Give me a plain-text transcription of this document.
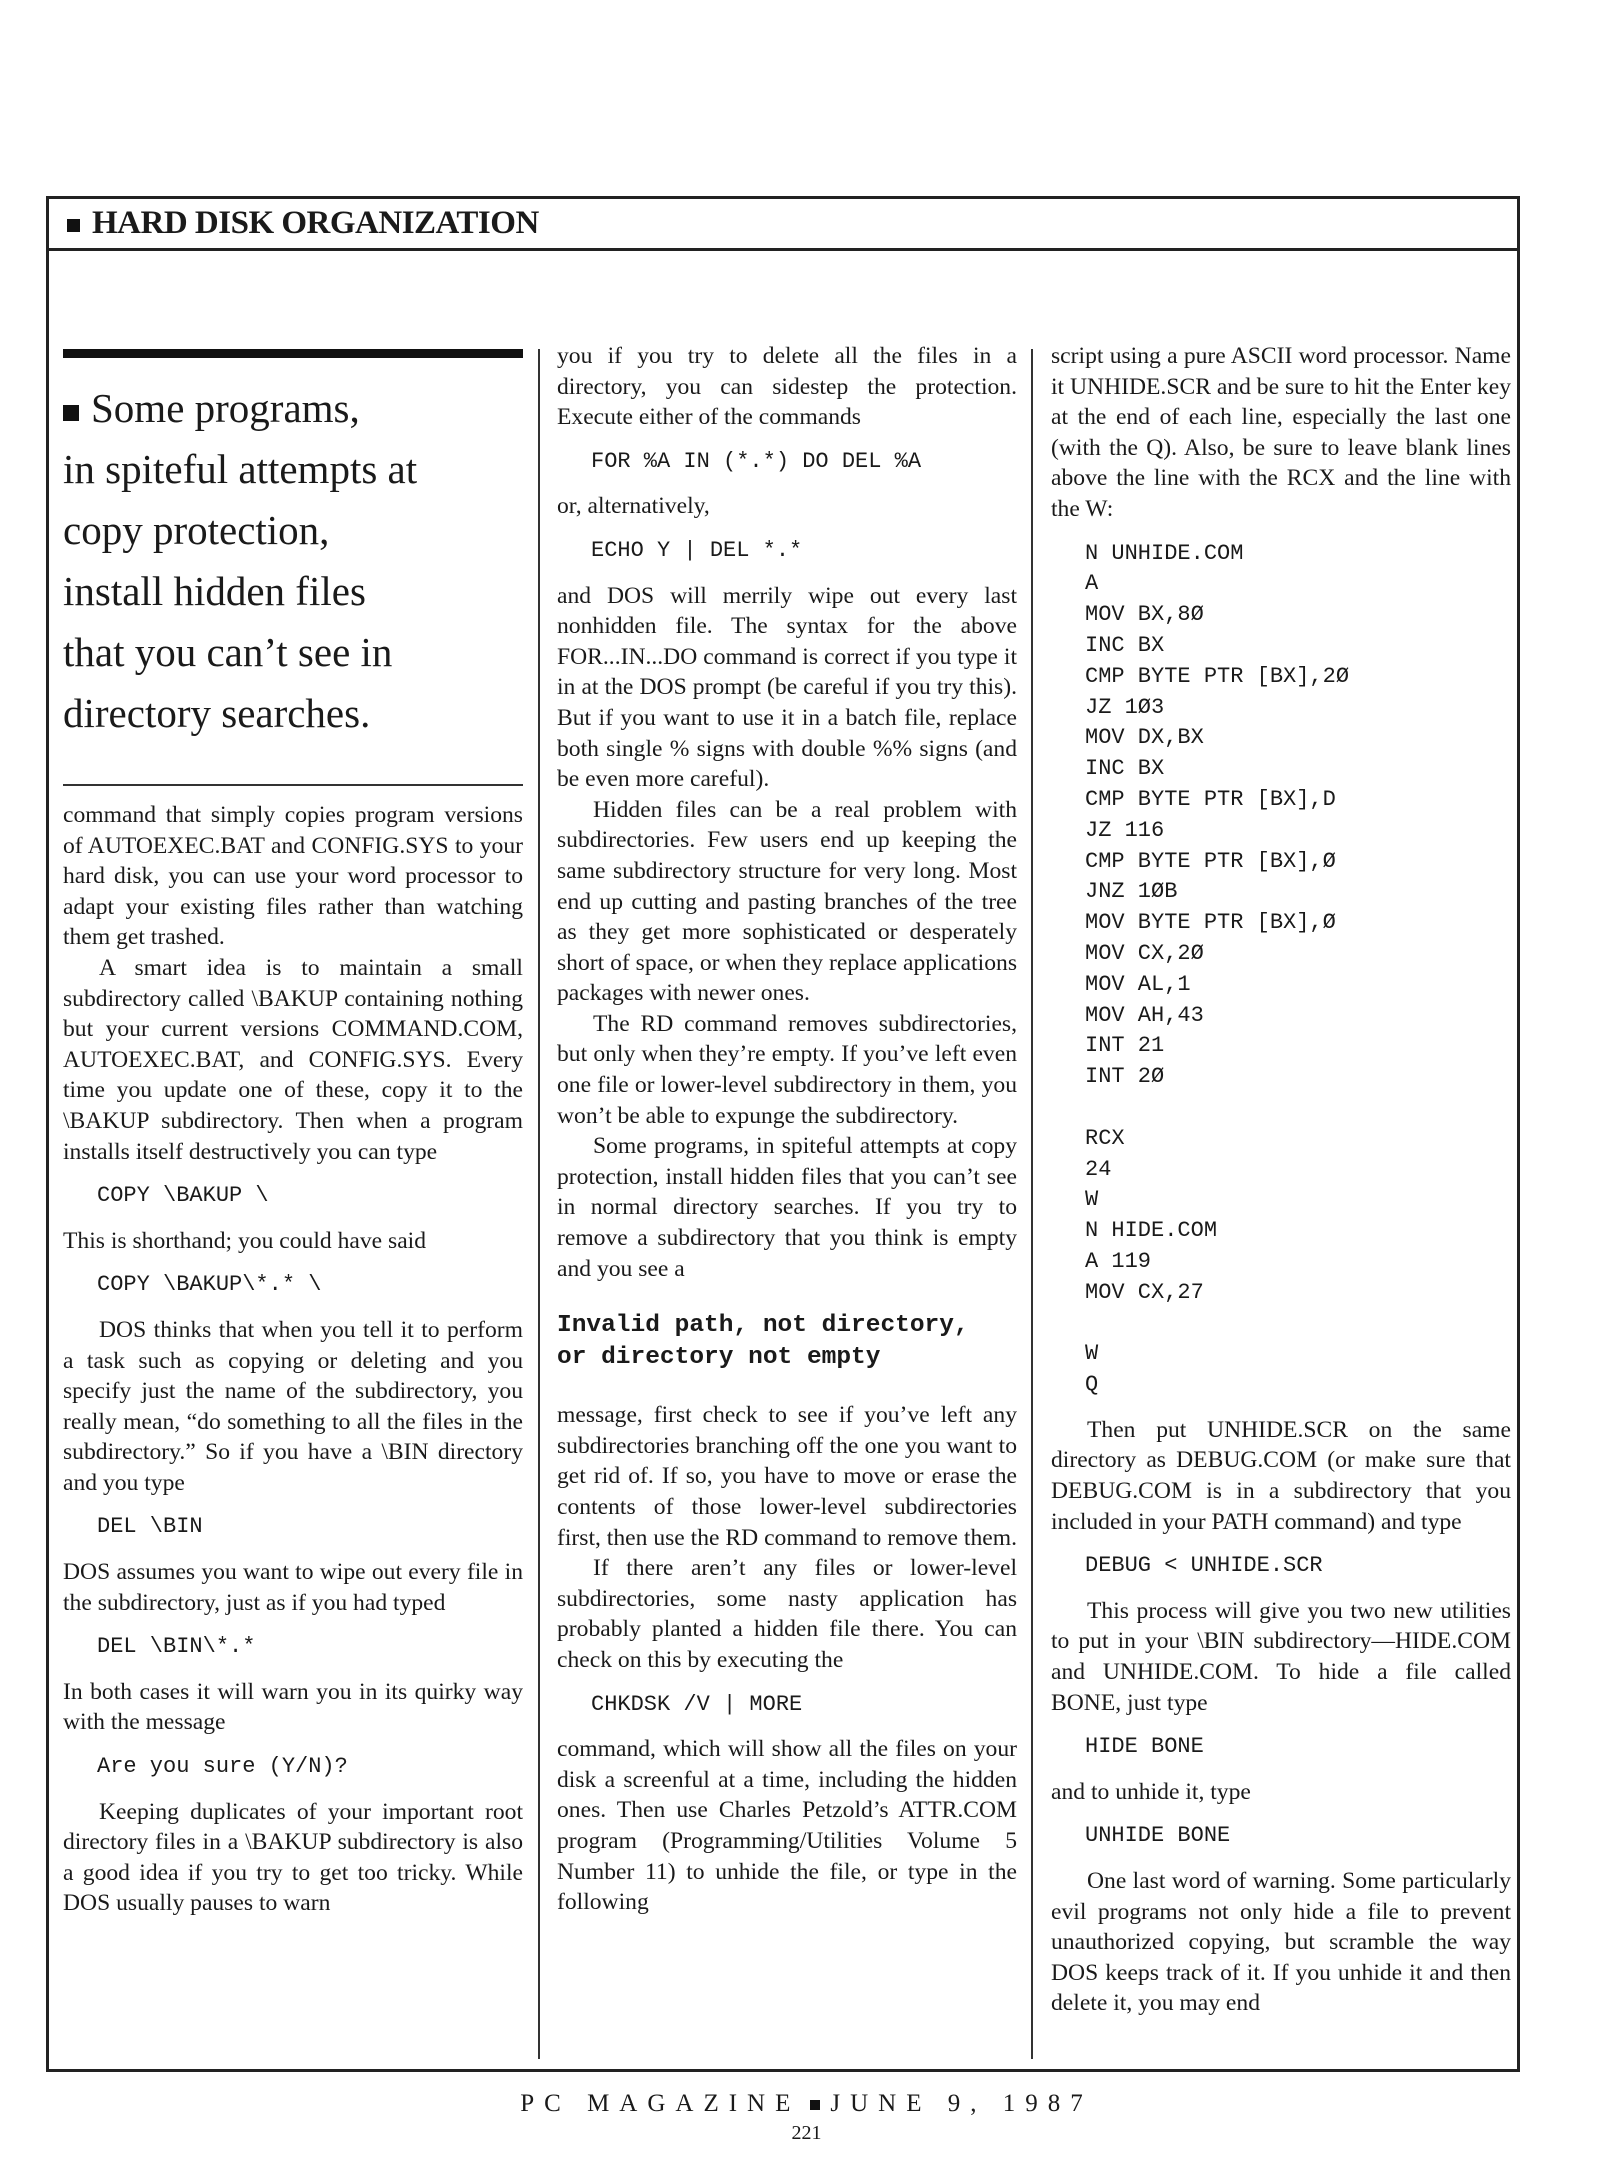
HARD DISK ORGANIZATION
Some programs,
in spiteful attempts at
copy protection,
install hidden files
that you can’t see in
directory searches.

command that simply copies program versions of AUTOEXEC.BAT and CONFIG.SYS to your hard disk, you can use your word processor to adapt your existing files rather than watching them get trashed.

A smart idea is to maintain a small subdirectory called \BAKUP containing nothing but your current versions COMMAND.COM, AUTOEXEC.BAT, and CONFIG.SYS. Every time you update one of these, copy it to the \BAKUP subdirectory. Then when a program installs itself destructively you can type

COPY \BAKUP \

This is shorthand; you could have said

COPY \BAKUP\*.* \

DOS thinks that when you tell it to perform a task such as copying or deleting and you specify just the name of the subdirectory, you really mean, “do something to all the files in the subdirectory.” So if you have a \BIN directory and you type

DEL \BIN

DOS assumes you want to wipe out every file in the subdirectory, just as if you had typed

DEL \BIN\*.*

In both cases it will warn you in its quirky way with the message

Are you sure (Y/N)?

Keeping duplicates of your important root directory files in a \BAKUP subdirectory is also a good idea if you try to get too tricky. While DOS usually pauses to warn

you if you try to delete all the files in a directory, you can sidestep the protection. Execute either of the commands

FOR %A IN (*.*) DO DEL %A

or, alternatively,

ECHO Y | DEL *.*

and DOS will merrily wipe out every last nonhidden file. The syntax for the above FOR...IN...DO command is correct if you type it in at the DOS prompt (be careful if you try this). But if you want to use it in a batch file, replace both single % signs with double %% signs (and be even more careful).

Hidden files can be a real problem with subdirectories. Few users end up keeping the same subdirectory structure for very long. Most end up cutting and pasting branches of the tree as they get more sophisticated or desperately short of space, or when they replace applications packages with newer ones.

The RD command removes subdirectories, but only when they’re empty. If you’ve left even one file or lower-level subdirectory in them, you won’t be able to expunge the subdirectory.

Some programs, in spiteful attempts at copy protection, install hidden files that you can’t see in normal directory searches. If you try to remove a subdirectory that you think is empty and you see a

Invalid path, not directory,
or directory not empty

message, first check to see if you’ve left any subdirectories branching off the one you want to get rid of. If so, you have to move or erase the contents of those lower-level subdirectories first, then use the RD command to remove them.

If there aren’t any files or lower-level subdirectories, some nasty application has probably planted a hidden file there. You can check on this by executing the

CHKDSK /V | MORE

command, which will show all the files on your disk a screenful at a time, including the hidden ones. Then use Charles Petzold’s ATTR.COM program (Programming/Utilities Volume 5 Number 11) to unhide the file, or type in the following

script using a pure ASCII word processor. Name it UNHIDE.SCR and be sure to hit the Enter key at the end of each line, especially the last one (with the Q). Also, be sure to leave blank lines above the line with the RCX and the line with the W:

N UNHIDE.COM
A
MOV BX,8Ø
INC BX
CMP BYTE PTR [BX],2Ø
JZ 1Ø3
MOV DX,BX
INC BX
CMP BYTE PTR [BX],D
JZ 116
CMP BYTE PTR [BX],Ø
JNZ 1ØB
MOV BYTE PTR [BX],Ø
MOV CX,2Ø
MOV AL,1
MOV AH,43
INT 21
INT 2Ø

RCX
24
W
N HIDE.COM
A 119
MOV CX,27

W
Q

Then put UNHIDE.SCR on the same directory as DEBUG.COM (or make sure that DEBUG.COM is in a subdirectory that you included in your PATH command) and type

DEBUG < UNHIDE.SCR

This process will give you two new utilities to put in your \BIN subdirectory—HIDE.COM and UNHIDE.COM. To hide a file called BONE, just type

HIDE BONE

and to unhide it, type

UNHIDE BONE

One last word of warning. Some particularly evil programs not only hide a file to prevent unauthorized copying, but scramble the way DOS keeps track of it. If you unhide it and then delete it, you may end

PC MAGAZINE JUNE 9, 1987
221
